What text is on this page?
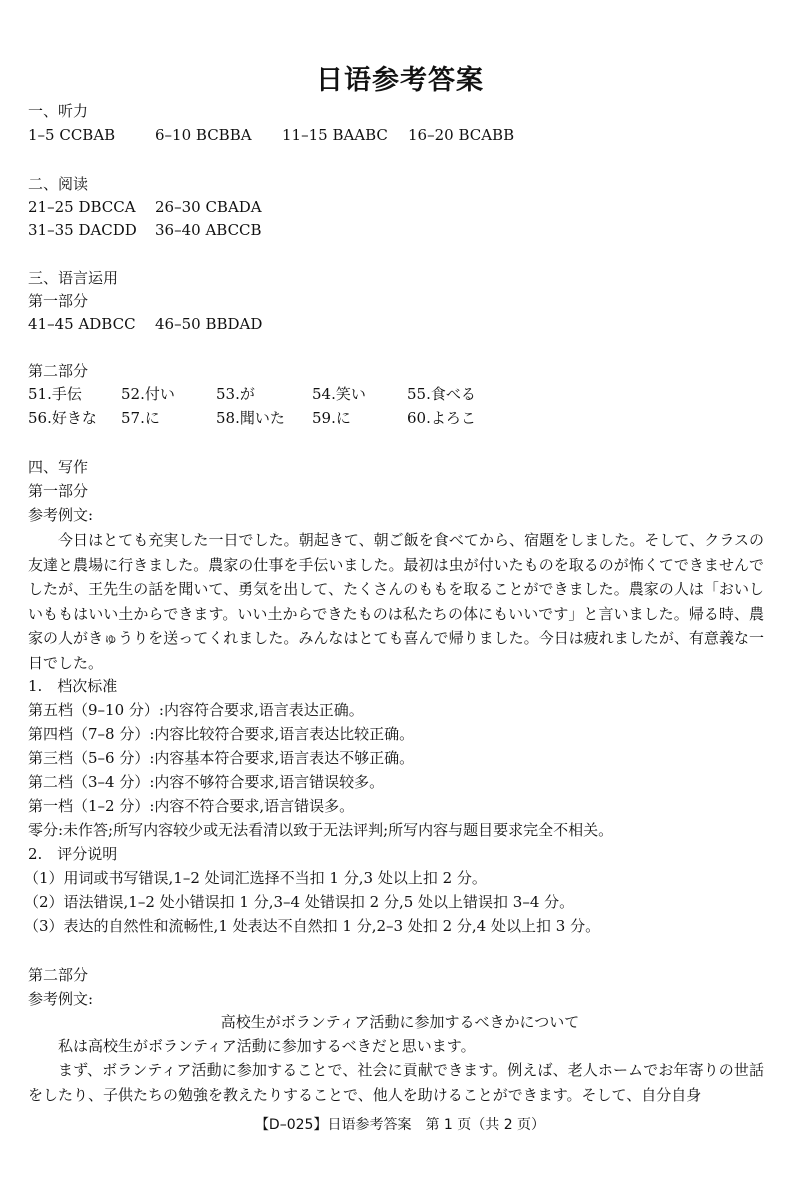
日语参考答案
一、听力
1–5 CCBAB	6–10 BCBBA 11–15 BAABC 16–20 BCABB
二、阅读
21–25 DBCCA 26–30 CBADA
31–35 DACDD 36–40 ABCCB
三、语言运用
第一部分
41–45 ADBCC 46–50 BBDAD
第二部分
51.手伝	52.付い	53.が	54.笑い	55.食べる
56.好きな 57.に	58.聞いた 59.に	60.よろこ
四、写作
第一部分
参考例文:
今日はとても充実した一日でした。朝起きて、朝ご飯を食べてから、宿題をしました。そして、クラスの友達と農場に行きました。農家の仕事を手伝いました。最初は虫が付いたものを取るのが怖くてできませんでしたが、王先生の話を聞いて、勇気を出して、たくさんのももを取ることができました。農家の人は「おいしいももはいい土からできます。いい土からできたものは私たちの体にもいいです」と言いました。帰る時、農家の人がきゅうりを送ってくれました。みんなはとても喜んで帰りました。今日は疲れましたが、有意義な一日でした。
1.　档次标准
第五档（9–10 分）:内容符合要求,语言表达正确。
第四档（7–8 分）:内容比较符合要求,语言表达比较正确。
第三档（5–6 分）:内容基本符合要求,语言表达不够正确。
第二档（3–4 分）:内容不够符合要求,语言错误较多。
第一档（1–2 分）:内容不符合要求,语言错误多。
零分:未作答;所写内容较少或无法看清以致于无法评判;所写内容与题目要求完全不相关。
2.　评分说明
（1）用词或书写错误,1–2 处词汇选择不当扣 1 分,3 处以上扣 2 分。
（2）语法错误,1–2 处小错误扣 1 分,3–4 处错误扣 2 分,5 处以上错误扣 3–4 分。
（3）表达的自然性和流畅性,1 处表达不自然扣 1 分,2–3 处扣 2 分,4 处以上扣 3 分。
第二部分
参考例文:
高校生がボランティア活動に参加するべきかについて
私は高校生がボランティア活動に参加するべきだと思います。
まず、ボランティア活動に参加することで、社会に貢献できます。例えば、老人ホームでお年寄りの世話をしたり、子供たちの勉強を教えたりすることで、他人を助けることができます。そして、自分自身
【D–025】日语参考答案　第 1 页（共 2 页）
